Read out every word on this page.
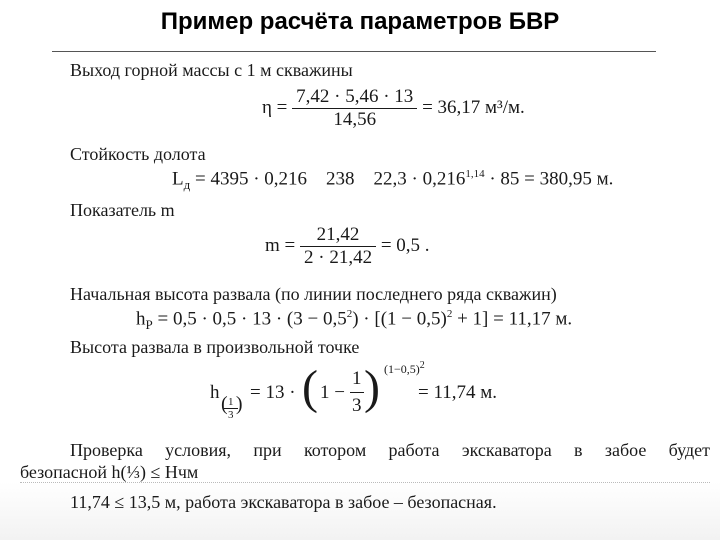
Пример расчёта параметров БВР
Выход горной массы с 1 м скважины
$\eta = \frac{7,42 \cdot 5,46 \cdot 13}{14,56} = 36,17$ м³/м.
Стойкость долота
$L_д = 4395 \cdot 0,216$ 238 $22,3 \cdot 0,216^{1,14} \cdot 85 = 380,95$ м.
Показатель m
$m = \frac{21,42}{2 \cdot 21,42} = 0,5$ .
Начальная высота развала (по линии последнего ряда скважин)
$h_Р = 0,5 \cdot 0,5 \cdot 13 \cdot (3 - 0,5^2) \cdot [(1 - 0,5)^2 + 1] = 11,17$ м.
Высота развала в произвольной точке
h
( 1
3 )
= 13 · ( $1 - \frac{1}{3}$ ) $(1-0,5)^2$
= 11,74 м.
Проверка условия, при котором работа экскаватора в забое будет
безопасной h(⅓) ≤ Hчм
11,74 ≤ 13,5 м, работа экскаватора в забое – безопасная.
